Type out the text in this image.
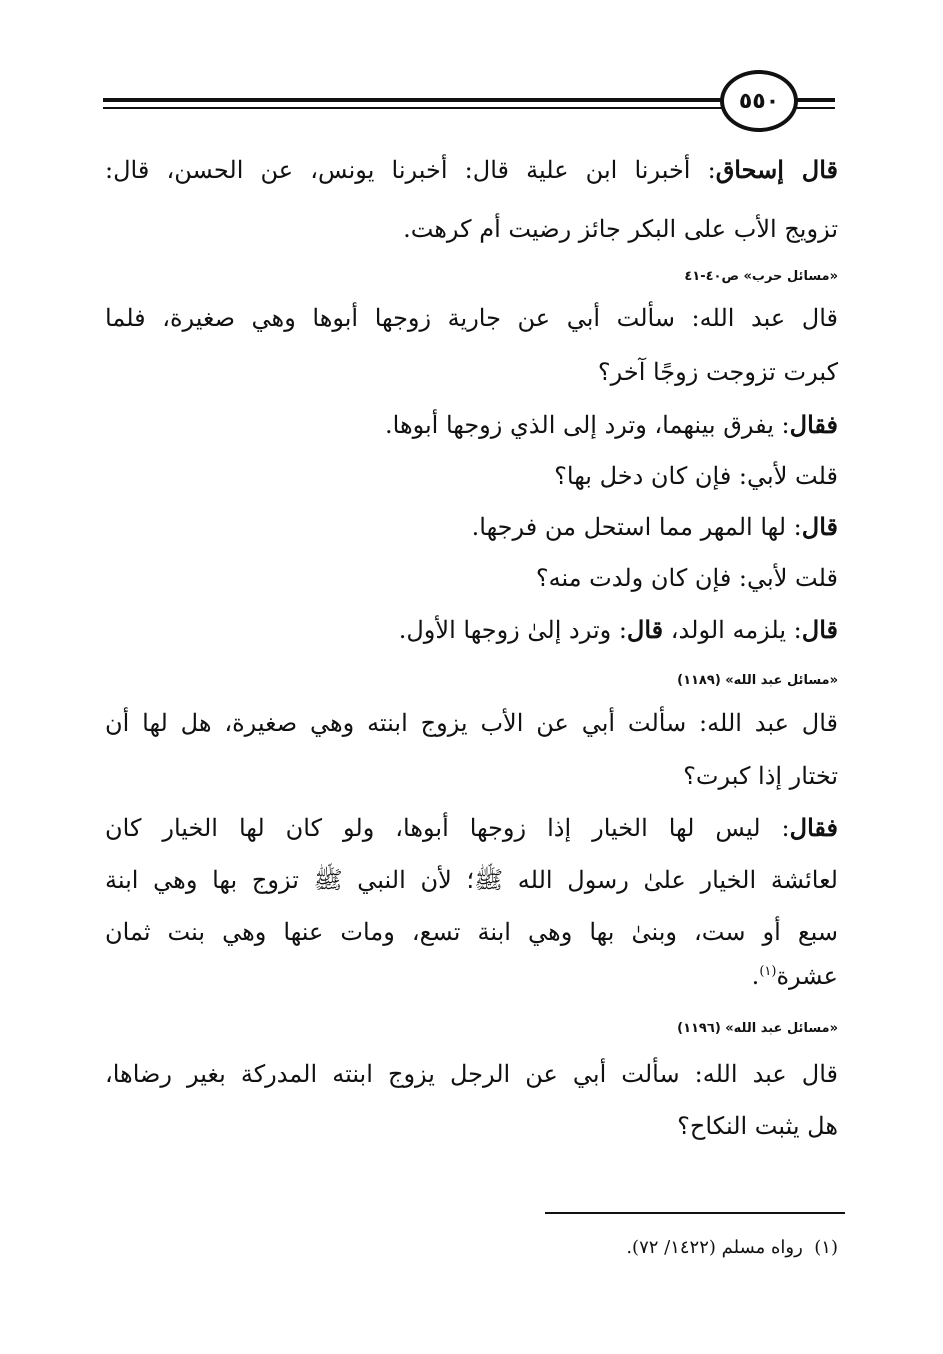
٥٥٠
قال إسحاق: أخبرنا ابن علية قال: أخبرنا يونس، عن الحسن، قال:
تزويج الأب على البكر جائز رضيت أم كرهت.
«مسائل حرب» ص٤٠-٤١
قال عبد الله: سألت أبي عن جارية زوجها أبوها وهي صغيرة، فلما
كبرت تزوجت زوجًا آخر؟
فقال: يفرق بينهما، وترد إلى الذي زوجها أبوها.
قلت لأبي: فإن كان دخل بها؟
قال: لها المهر مما استحل من فرجها.
قلت لأبي: فإن كان ولدت منه؟
قال: يلزمه الولد، قال: وترد إلىٰ زوجها الأول.
«مسائل عبد الله» (١١٨٩)
قال عبد الله: سألت أبي عن الأب يزوج ابنته وهي صغيرة، هل لها أن
تختار إذا كبرت؟
فقال: ليس لها الخيار إذا زوجها أبوها، ولو كان لها الخيار كان
لعائشة الخيار علىٰ رسول الله ﷺ؛ لأن النبي ﷺ تزوج بها وهي ابنة
سبع أو ست، وبنىٰ بها وهي ابنة تسع، ومات عنها وهي بنت ثمان
عشرة$^{(١)}$.
«مسائل عبد الله» (١١٩٦)
قال عبد الله: سألت أبي عن الرجل يزوج ابنته المدركة بغير رضاها،
هل يثبت النكاح؟
(١)  رواه مسلم (١٤٢٢/ ٧٢).
